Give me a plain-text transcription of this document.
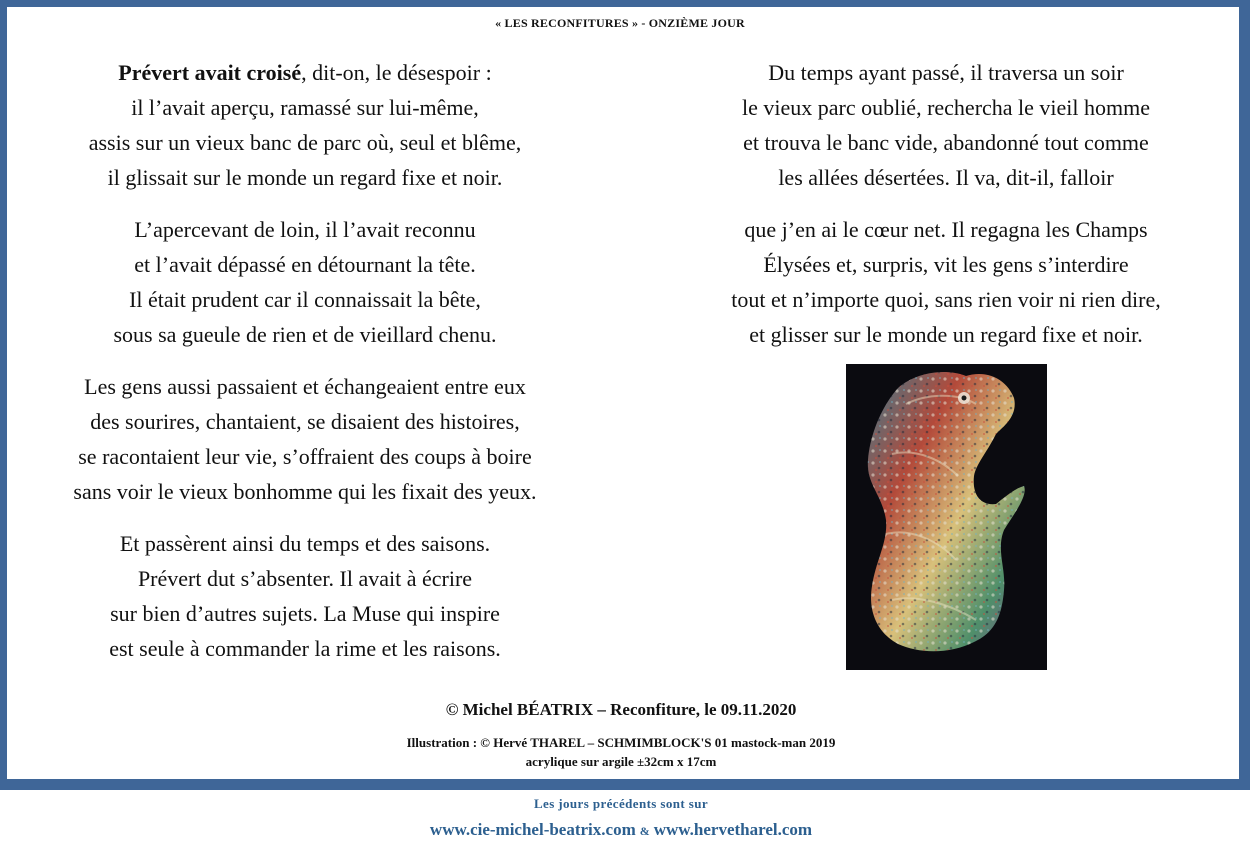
« LES RECONFITURES » - ONZIÈME JOUR
Prévert avait croisé, dit-on, le désespoir :
il l’avait aperçu, ramassé sur lui-même,
assis sur un vieux banc de parc où, seul et blême,
il glissait sur le monde un regard fixe et noir.
L’apercevant de loin, il l’avait reconnu
et l’avait dépassé en détournant la tête.
Il était prudent car il connaissait la bête,
sous sa gueule de rien et de vieillard chenu.
Les gens aussi passaient et échangeaient entre eux
des sourires, chantaient, se disaient des histoires,
se racontaient leur vie, s’offraient des coups à boire
sans voir le vieux bonhomme qui les fixait des yeux.
Et passèrent ainsi du temps et des saisons.
Prévert dut s’absenter. Il avait à écrire
sur bien d’autres sujets. La Muse qui inspire
est seule à commander la rime et les raisons.
Du temps ayant passé, il traversa un soir
le vieux parc oublié, rechercha le vieil homme
et trouva le banc vide, abandonné tout comme
les allées désertées. Il va, dit-il, falloir
que j’en ai le cœur net. Il regagna les Champs
Élysées et, surpris, vit les gens s’interdire
tout et n’importe quoi, sans rien voir ni rien dire,
et glisser sur le monde un regard fixe et noir.
© Michel BÉATRIX – Reconfiture, le 09.11.2020
Illustration : © Hervé THAREL – SCHMIMBLOCK'S 01 mastock-man 2019
acrylique sur argile ±32cm x 17cm
Les jours précédents sont sur
www.cie-michel-beatrix.com & www.hervetharel.com
